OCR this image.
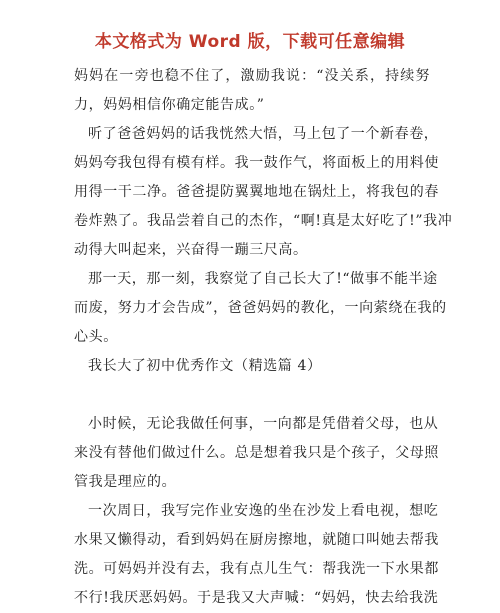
本文格式为 Word 版，下载可任意编辑
妈妈在一旁也稳不住了，激励我说：“没关系，持续努
力，妈妈相信你确定能告成。”
听了爸爸妈妈的话我恍然大悟，马上包了一个新春卷，
妈妈夸我包得有模有样。我一鼓作气，将面板上的用料使
用得一干二净。爸爸提防翼翼地地在锅灶上，将我包的春
卷炸熟了。我品尝着自己的杰作，“啊!真是太好吃了!”我冲
动得大叫起来，兴奋得一蹦三尺高。
那一天，那一刻，我察觉了自己长大了!“做事不能半途
而废，努力才会告成”，爸爸妈妈的教化，一向萦绕在我的
心头。
我长大了初中优秀作文（精选篇 4）
小时候，无论我做任何事，一向都是凭借着父母，也从
来没有替他们做过什么。总是想着我只是个孩子，父母照
管我是理应的。
一次周日，我写完作业安逸的坐在沙发上看电视，想吃
水果又懒得动，看到妈妈在厨房擦地，就随口叫她去帮我
洗。可妈妈并没有去，我有点儿生气：帮我洗一下水果都
不行!我厌恶妈妈。于是我又大声喊：“妈妈，快去给我洗
